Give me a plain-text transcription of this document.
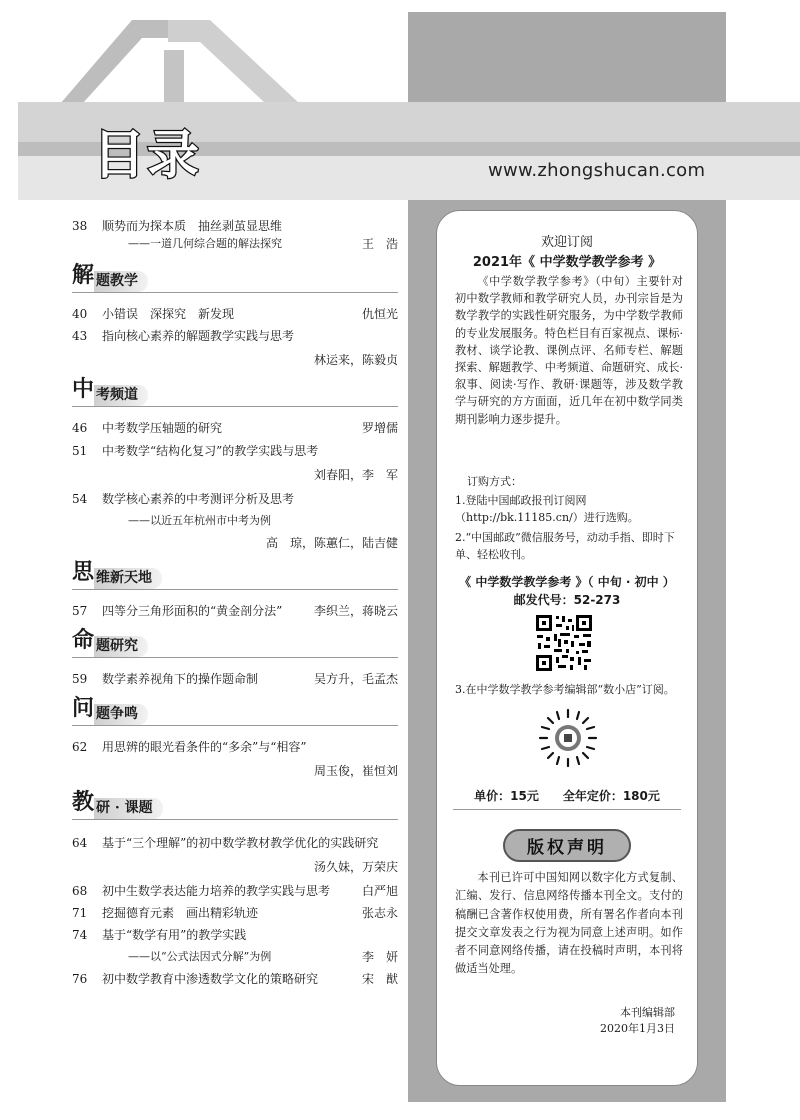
目录	www.zhongshucan.com
38	顺势而为探本质　抽丝剥茧显思维
——一道几何综合题的解法探究	王　浩
解 题教学
40	小错误　深探究　新发现	仇恒光
43	指向核心素养的解题教学实践与思考
林运来，陈毅贞
中 考频道
46	中考数学压轴题的研究	罗增儒
51	中考数学“结构化复习”的教学实践与思考
刘春阳，李　军
54	数学核心素养的中考测评分析及思考
——以近五年杭州市中考为例
高　琼，陈蕙仁，陆吉健
思 维新天地
57	四等分三角形面积的“黄金剖分法”	李织兰，蒋晓云
命 题研究
59	数学素养视角下的操作题命制	吴方升，毛孟杰
问 题争鸣
62	用思辨的眼光看条件的“多余”与“相容”
周玉俊，崔恒刘
教 研 · 课题
64	基于“三个理解”的初中数学教材教学优化的实践研究
汤久妹，万荣庆
68	初中生数学表达能力培养的教学实践与思考	白严旭
71	挖掘德育元素　画出精彩轨迹	张志永
74	基于“数学有用”的教学实践
——以“公式法因式分解”为例	李　妍
76	初中数学教育中渗透数学文化的策略研究	宋　猷
欢迎订阅
2021年《 中学数学教学参考 》
《中学数学教学参考》（中旬）主要针对初中数学教师和教学研究人员，办刊宗旨是为数学教学的实践性研究服务，为中学数学教师的专业发展服务。特色栏目有百家视点、课标·教材、谈学论教、课例点评、名师专栏、解题探索、解题教学、中考频道、命题研究、成长·叙事、阅读·写作、教研·课题等，涉及数学教学与研究的方方面面，近几年在初中数学同类期刊影响力逐步提升。
订购方式：
1.登陆中国邮政报刊订阅网
（http://bk.11185.cn/）进行选购。
2.“中国邮政”微信服务号，动动手指、即时下单、轻松收刊。
《 中学数学教学参考 》（ 中旬 · 初中 ）
邮发代号：52-273
3.在中学数学教学参考编辑部“数小店”订阅。
单价：15元　　全年定价：180元
版权声明
本刊已许可中国知网以数字化方式复制、汇编、发行、信息网络传播本刊全文。支付的稿酬已含著作权使用费，所有署名作者向本刊提交文章发表之行为视为同意上述声明。如作者不同意网络传播，请在投稿时声明，本刊将做适当处理。
本刊编辑部
2020年1月3日
